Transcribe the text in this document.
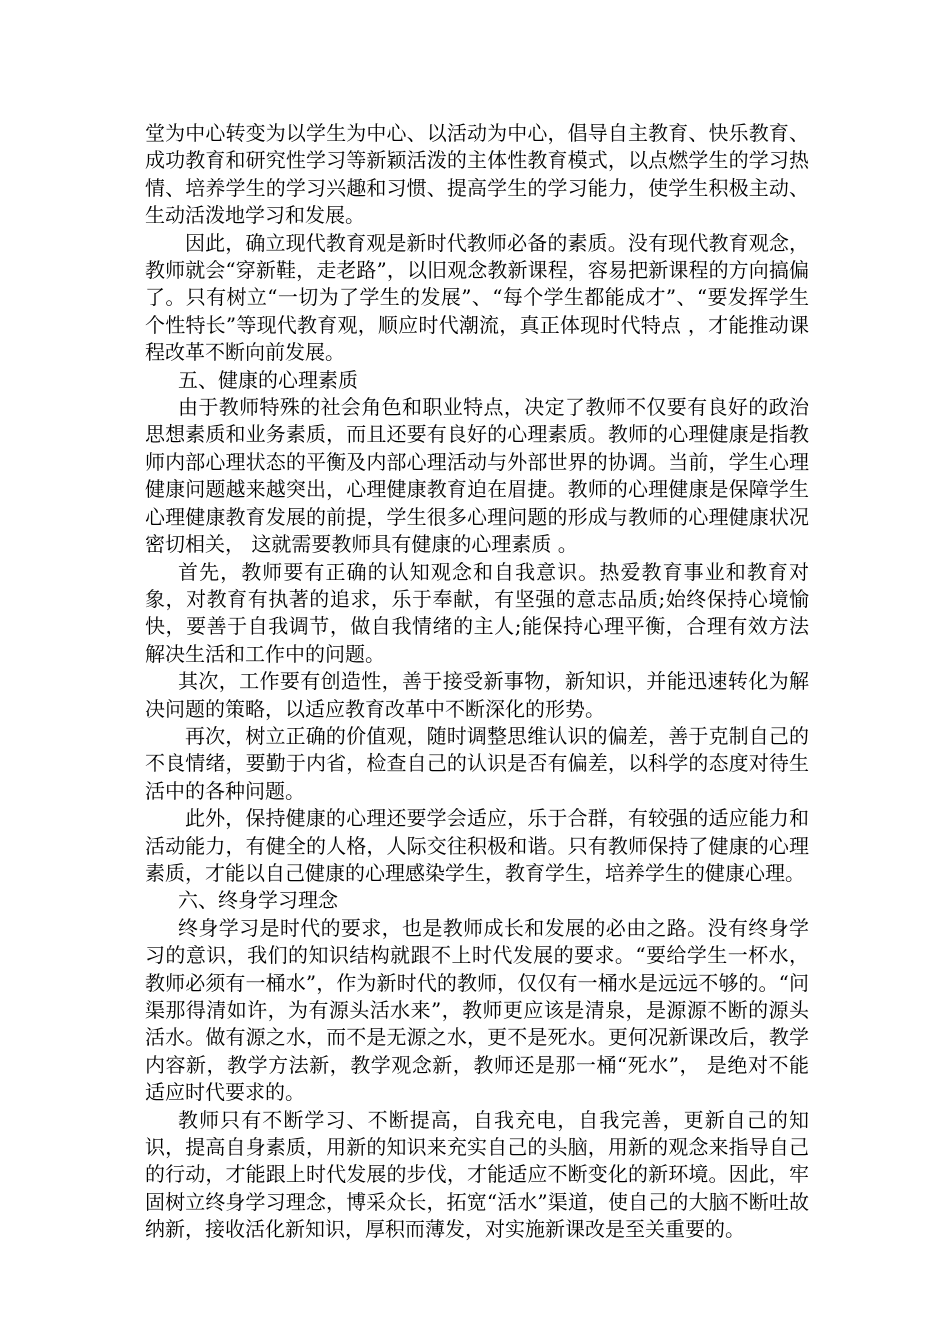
堂为中心转变为以学生为中心、以活动为中心，倡导自主教育、快乐教育、成功教育和研究性学习等新颖活泼的主体性教育模式，以点燃学生的学习热情、培养学生的学习兴趣和习惯、提高学生的学习能力，使学生积极主动、生动活泼地学习和发展。

因此，确立现代教育观是新时代教师必备的素质。没有现代教育观念，教师就会“穿新鞋，走老路”，以旧观念教新课程，容易把新课程的方向搞偏了。只有树立“一切为了学生的发展”、“每个学生都能成才”、“要发挥学生个性特长”等现代教育观，顺应时代潮流，真正体现时代特点 ，才能推动课程改革不断向前发展。

五、健康的心理素质

由于教师特殊的社会角色和职业特点，决定了教师不仅要有良好的政治思想素质和业务素质，而且还要有良好的心理素质。教师的心理健康是指教师内部心理状态的平衡及内部心理活动与外部世界的协调。当前，学生心理健康问题越来越突出，心理健康教育迫在眉捷。教师的心理健康是保障学生心理健康教育发展的前提，学生很多心理问题的形成与教师的心理健康状况密切相关， 这就需要教师具有健康的心理素质 。

首先，教师要有正确的认知观念和自我意识。热爱教育事业和教育对象，对教育有执著的追求，乐于奉献，有坚强的意志品质;始终保持心境愉快，要善于自我调节，做自我情绪的主人;能保持心理平衡，合理有效方法解决生活和工作中的问题。

其次，工作要有创造性，善于接受新事物，新知识，并能迅速转化为解决问题的策略，以适应教育改革中不断深化的形势。

再次，树立正确的价值观，随时调整思维认识的偏差，善于克制自己的不良情绪，要勤于内省，检查自己的认识是否有偏差，以科学的态度对待生活中的各种问题。

此外，保持健康的心理还要学会适应，乐于合群，有较强的适应能力和活动能力，有健全的人格，人际交往积极和谐。只有教师保持了健康的心理素质，才能以自己健康的心理感染学生，教育学生，培养学生的健康心理。

六、终身学习理念

终身学习是时代的要求，也是教师成长和发展的必由之路。没有终身学习的意识，我们的知识结构就跟不上时代发展的要求。“要给学生一杯水，教师必须有一桶水”，作为新时代的教师，仅仅有一桶水是远远不够的。“问渠那得清如许，为有源头活水来”，教师更应该是清泉，是源源不断的源头活水。做有源之水，而不是无源之水，更不是死水。更何况新课改后，教学内容新，教学方法新，教学观念新，教师还是那一桶“死水”， 是绝对不能适应时代要求的。

教师只有不断学习、不断提高，自我充电，自我完善，更新自己的知识，提高自身素质，用新的知识来充实自己的头脑，用新的观念来指导自己的行动，才能跟上时代发展的步伐，才能适应不断变化的新环境。因此，牢固树立终身学习理念，博采众长，拓宽“活水”渠道，使自己的大脑不断吐故纳新，接收活化新知识，厚积而薄发，对实施新课改是至关重要的。
